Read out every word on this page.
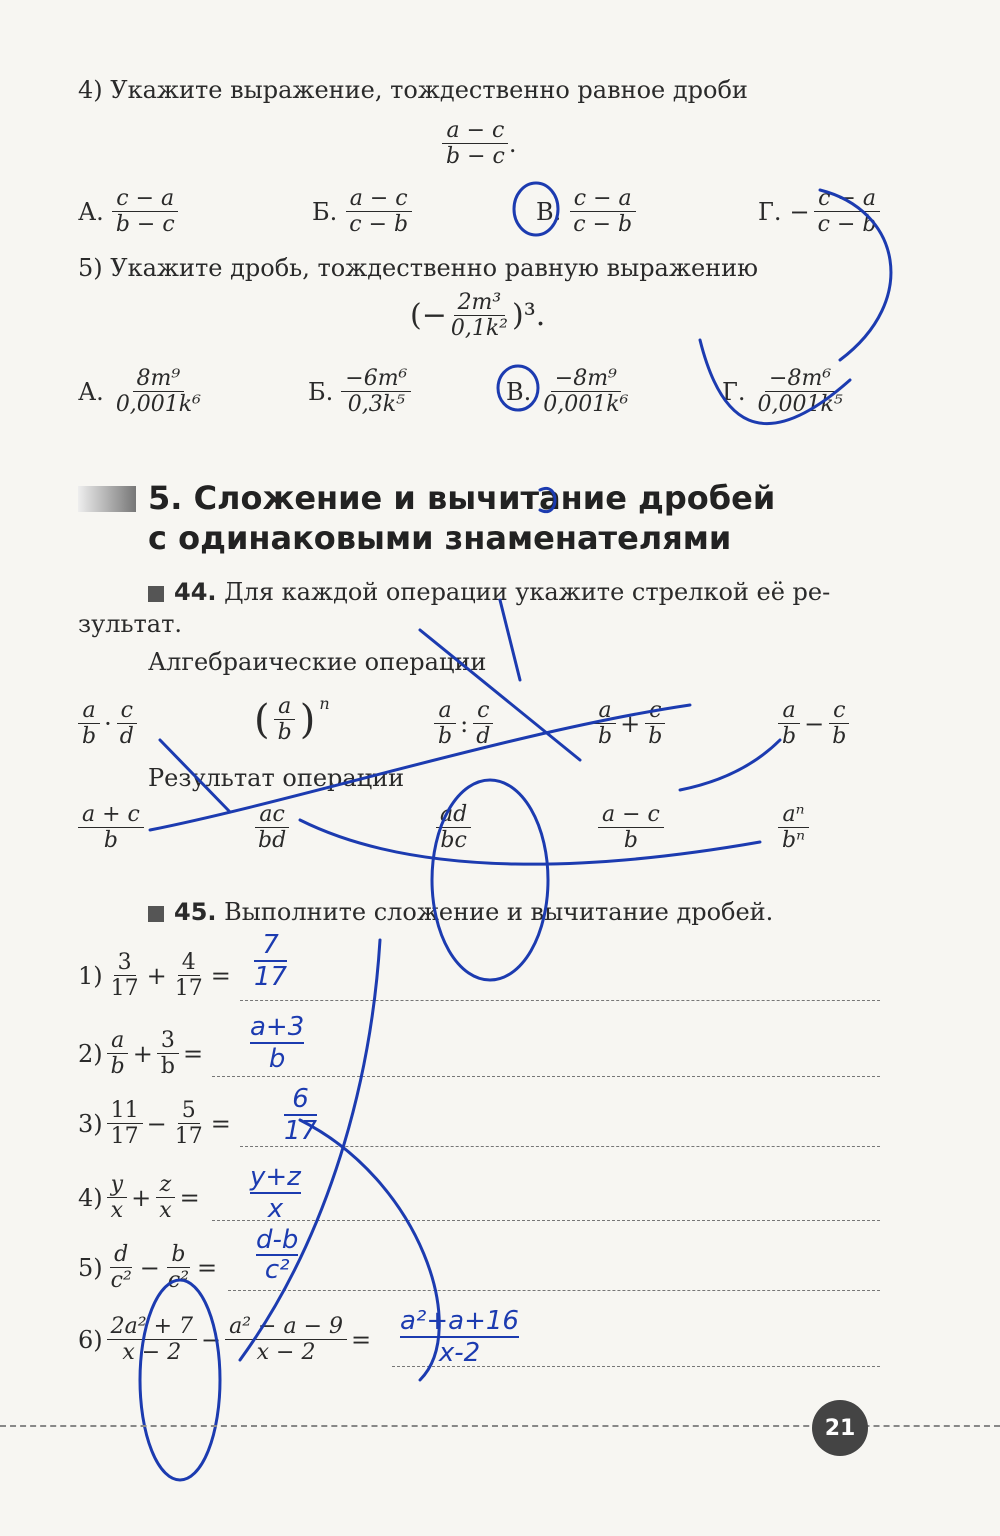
4) Укажите выражение, тождественно равное дроби
$\frac{a - c}{b - c}$ .
А. $\frac{c - a}{b - c}$	Б. $\frac{a - c}{c - b}$	В. $\frac{c - a}{c - b}$	Г. − $\frac{c - a}{c - b}$
5) Укажите дробь, тождественно равную выражению
(− $\frac{\text{2m³}}{\text{0,1k²}} )^3$ .
А. $\frac{\text{8m⁹}}{\text{0,001k⁶}}$	Б. $\frac{\text{−6m⁶}}{\text{0,3k⁵}}$	В. $\frac{\text{−8m⁹}}{\text{0,001k⁶}}$	Г. $\frac{\text{−8m⁶}}{\text{0,001k⁵}}$
5. Сложение и вычитание дробей
с одинаковыми знаменателями
44. Для каждой операции укажите стрелкой её ре-
зультат.
Алгебраические операции
$\frac{a}{b} \cdot \frac{c}{d}$	( $\frac{a}{b}$ ) $^n$	$\frac{a}{b}$ : $\frac{c}{d}$	$\frac{a}{b} + \frac{c}{b}$	$\frac{a}{b} - \frac{c}{b}$
Результат операции
$\frac{a + c}{b}$	$\frac{ac}{bd}$	$\frac{ad}{bc}$	$\frac{a - c}{b}$	$\frac{\text{aⁿ}}{\text{bⁿ}}$
45. Выполните сложение и вычитание дробей.
$1) \frac{3}{17} + \frac{4}{17}$ =
$2) \frac{a}{b} + \frac{3}{b}$ =
$3) \frac{11}{17} - \frac{5}{17}$ =
$4) \frac{y}{x} + \frac{z}{x}$ =
$5) \frac{d}{\text{c²}} - \frac{b}{\text{c²}}$ =
$6) \frac{\text{2a² + 7}}{x - 2} - \frac{\text{a² − a − 9}}{x - 2}$ =
7
17
a+3
b
6
17
y+z
x
d-b
c²
a²+a+16
x-2
21
